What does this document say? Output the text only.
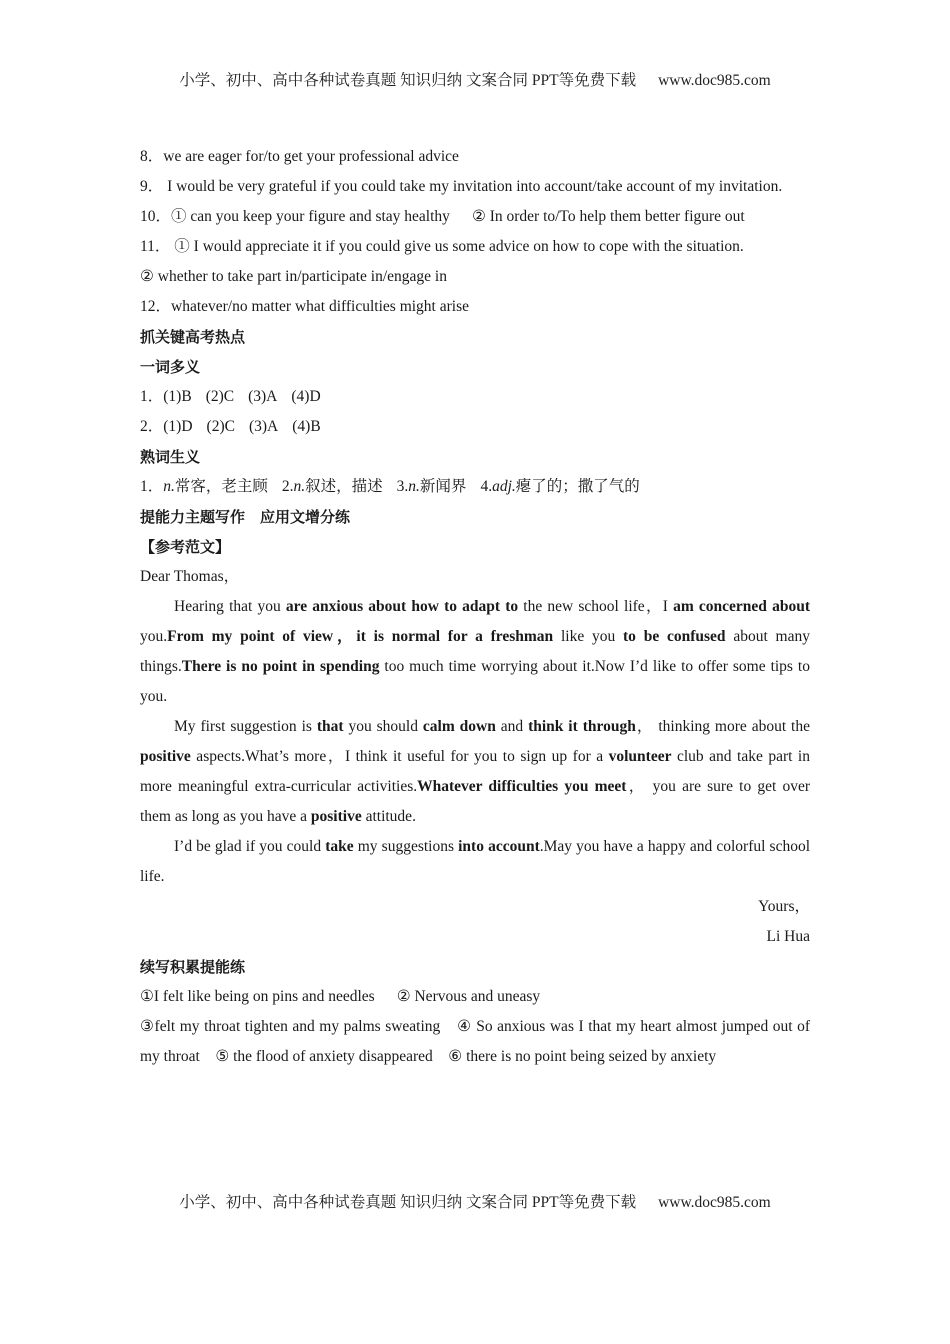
小学、初中、高中各种试卷真题 知识归纳 文案合同 PPT等免费下载 www.doc985.com
8．we are eager for/to get your professional advice
9． I would be very grateful if you could take my invitation into account/take account of my invitation.
10．① can you keep your figure and stay healthy ② In order to/To help them better figure out
11． ① I would appreciate it if you could give us some advice on how to cope with the situation.
② whether to take part in/participate in/engage in
12．whatever/no matter what difficulties might arise
抓关键高考热点
一词多义
1．(1)B (2)C (3)A (4)D
2．(1)D (2)C (3)A (4)B
熟词生义
1．n.常客，老主顾 2.n.叙述，描述 3.n.新闻界 4.adj.瘪了的；撒了气的
提能力主题写作　应用文增分练
【参考范文】
Dear Thomas，
Hearing that you are anxious about how to adapt to the new school life，I am concerned about you.From my point of view，it is normal for a freshman like you to be confused about many things.There is no point in spending too much time worrying about it.Now I’d like to offer some tips to you.
My first suggestion is that you should calm down and think it through， thinking more about the positive aspects.What’s more，I think it useful for you to sign up for a volunteer club and take part in more meaningful extra-curricular activities.Whatever difficulties you meet， you are sure to get over them as long as you have a positive attitude.
I’d be glad if you could take my suggestions into account.May you have a happy and colorful school life.
Yours，
Li Hua
续写积累提能练
①I felt like being on pins and needles ② Nervous and uneasy
③felt my throat tighten and my palms sweating　④ So anxious was I that my heart almost jumped out of my throat　⑤ the flood of anxiety disappeared　⑥ there is no point being seized by anxiety
小学、初中、高中各种试卷真题 知识归纳 文案合同 PPT等免费下载 www.doc985.com
